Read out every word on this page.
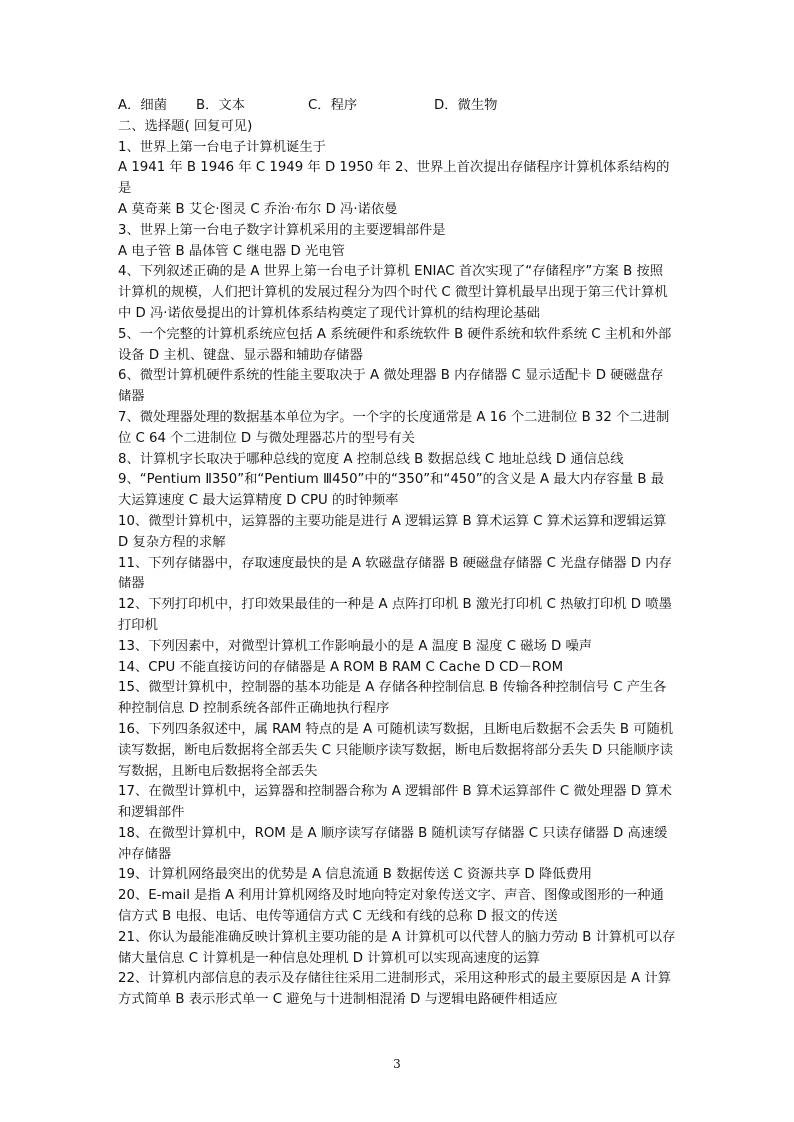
A．细菌	B．文本	C．程序	D．微生物
二、选择题( 回复可见)
1、世界上第一台电子计算机诞生于
A 1941 年 B 1946 年 C 1949 年 D 1950 年 2、世界上首次提出存储程序计算机体系结构的是
A 莫奇莱 B 艾仑·图灵 C 乔治·布尔 D 冯·诺依曼
3、世界上第一台电子数字计算机采用的主要逻辑部件是
A 电子管 B 晶体管 C 继电器 D 光电管
4、下列叙述正确的是 A 世界上第一台电子计算机 ENIAC 首次实现了“存储程序”方案 B 按照计算机的规模，人们把计算机的发展过程分为四个时代 C 微型计算机最早出现于第三代计算机中 D 冯·诺依曼提出的计算机体系结构奠定了现代计算机的结构理论基础
5、一个完整的计算机系统应包括 A 系统硬件和系统软件 B 硬件系统和软件系统 C 主机和外部设备 D 主机、键盘、显示器和辅助存储器
6、微型计算机硬件系统的性能主要取决于 A 微处理器 B 内存储器 C 显示适配卡 D 硬磁盘存储器
7、微处理器处理的数据基本单位为字。一个字的长度通常是 A 16 个二进制位 B 32 个二进制位 C 64 个二进制位 D 与微处理器芯片的型号有关
8、计算机字长取决于哪种总线的宽度 A 控制总线 B 数据总线 C 地址总线 D 通信总线
9、“Pentium Ⅱ350”和“Pentium Ⅲ450”中的“350”和“450”的含义是 A 最大内存容量 B 最大运算速度 C 最大运算精度 D CPU 的时钟频率
10、微型计算机中，运算器的主要功能是进行 A 逻辑运算 B 算术运算 C 算术运算和逻辑运算 D 复杂方程的求解
11、下列存储器中，存取速度最快的是 A 软磁盘存储器 B 硬磁盘存储器 C 光盘存储器 D 内存储器
12、下列打印机中，打印效果最佳的一种是 A 点阵打印机 B 激光打印机 C 热敏打印机 D 喷墨打印机
13、下列因素中，对微型计算机工作影响最小的是 A 温度 B 湿度 C 磁场 D 噪声
14、CPU 不能直接访问的存储器是 A ROM B RAM C Cache D CD－ROM
15、微型计算机中，控制器的基本功能是 A 存储各种控制信息 B 传输各种控制信号 C 产生各种控制信息 D 控制系统各部件正确地执行程序
16、下列四条叙述中，属 RAM 特点的是 A 可随机读写数据，且断电后数据不会丢失 B 可随机读写数据，断电后数据将全部丢失 C 只能顺序读写数据，断电后数据将部分丢失 D 只能顺序读写数据，且断电后数据将全部丢失
17、在微型计算机中，运算器和控制器合称为 A 逻辑部件 B 算术运算部件 C 微处理器 D 算术和逻辑部件
18、在微型计算机中，ROM 是 A 顺序读写存储器 B 随机读写存储器 C 只读存储器 D 高速缓冲存储器
19、计算机网络最突出的优势是 A 信息流通 B 数据传送 C 资源共享 D 降低费用
20、E-mail 是指 A 利用计算机网络及时地向特定对象传送文字、声音、图像或图形的一种通信方式 B 电报、电话、电传等通信方式 C 无线和有线的总称 D 报文的传送
21、你认为最能准确反映计算机主要功能的是 A 计算机可以代替人的脑力劳动 B 计算机可以存储大量信息 C 计算机是一种信息处理机 D 计算机可以实现高速度的运算
22、计算机内部信息的表示及存储往往采用二进制形式，采用这种形式的最主要原因是 A 计算方式简单 B 表示形式单一 C 避免与十进制相混淆 D 与逻辑电路硬件相适应
3
